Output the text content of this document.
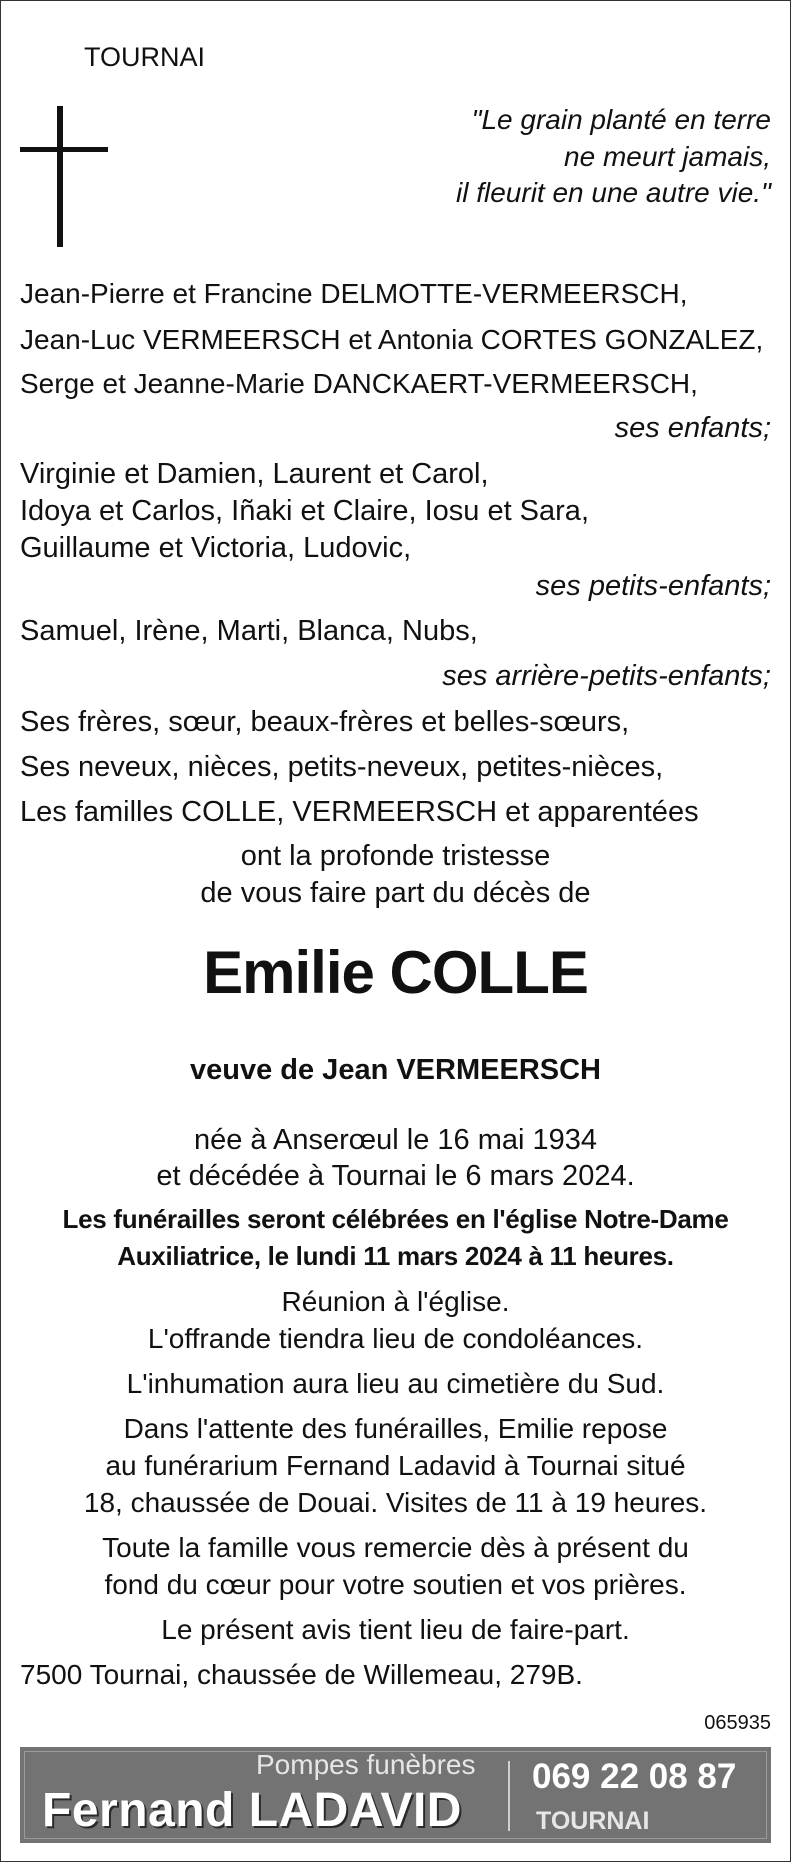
TOURNAI
"Le grain planté en terre
ne meurt jamais,
il fleurit en une autre vie."
Jean-Pierre et Francine DELMOTTE-VERMEERSCH,
Jean-Luc VERMEERSCH et Antonia CORTES GONZALEZ,
Serge et Jeanne-Marie DANCKAERT-VERMEERSCH,
ses enfants;
Virginie et Damien, Laurent et Carol,
Idoya et Carlos, Iñaki et Claire, Iosu et Sara,
Guillaume et Victoria, Ludovic,
ses petits-enfants;
Samuel, Irène, Marti, Blanca, Nubs,
ses arrière-petits-enfants;
Ses frères, sœur, beaux-frères et belles-sœurs,
Ses neveux, nièces, petits-neveux, petites-nièces,
Les familles COLLE, VERMEERSCH et apparentées
ont la profonde tristesse
de vous faire part du décès de
Emilie COLLE
veuve de Jean VERMEERSCH
née à Anserœul le 16 mai 1934
et décédée à Tournai le 6 mars 2024.
Les funérailles seront célébrées en l'église Notre-Dame
Auxiliatrice, le lundi 11 mars 2024 à 11 heures.
Réunion à l'église.
L'offrande tiendra lieu de condoléances.
L'inhumation aura lieu au cimetière du Sud.
Dans l'attente des funérailles, Emilie repose
au funérarium Fernand Ladavid à Tournai situé
18, chaussée de Douai. Visites de 11 à 19 heures.
Toute la famille vous remercie dès à présent du
fond du cœur pour votre soutien et vos prières.
Le présent avis tient lieu de faire-part.
7500 Tournai, chaussée de Willemeau, 279B.
065935
Pompes funèbres
Fernand LADAVID
069 22 08 87
TOURNAI
